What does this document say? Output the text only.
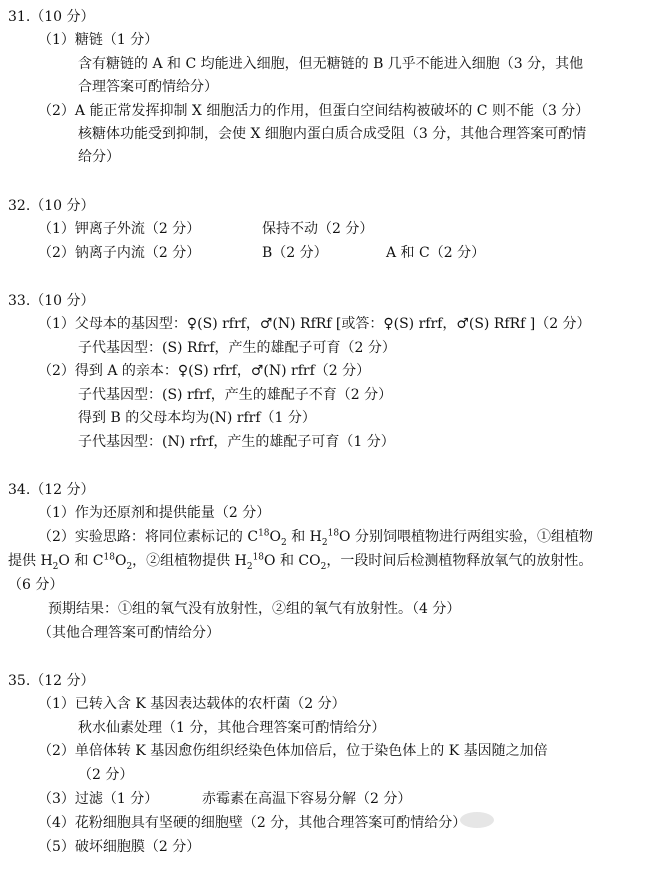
31.（10 分）
（1）糖链（1 分）
含有糖链的 A 和 C 均能进入细胞，但无糖链的 B 几乎不能进入细胞（3 分，其他
合理答案可酌情给分）
（2）A 能正常发挥抑制 X 细胞活力的作用，但蛋白空间结构被破坏的 C 则不能（3 分）
核糖体功能受到抑制，会使 X 细胞内蛋白质合成受阻（3 分，其他合理答案可酌情
给分）
32.（10 分）
（1）钾离子外流（2 分）	保持不动（2 分）
（2）钠离子内流（2 分）	B（2 分）	A 和 C（2 分）
33.（10 分）
（1）父母本的基因型：♀(S) rfrf，♂(N) RfRf [或答：♀(S) rfrf，♂(S) RfRf ]（2 分）
子代基因型：(S) Rfrf，产生的雄配子可育（2 分）
（2）得到 A 的亲本：♀(S) rfrf，♂(N) rfrf（2 分）
子代基因型：(S) rfrf，产生的雄配子不育（2 分）
得到 B 的父母本均为(N) rfrf（1 分）
子代基因型：(N) rfrf，产生的雄配子可育（1 分）
34.（12 分）
（1）作为还原剂和提供能量（2 分）
（2）实验思路：将同位素标记的 $C^{18}O_2$ 和 $H_2^{18}O$ 分别饲喂植物进行两组实验，①组植物
提供 $H_2O$ 和 $C^{18}O_2$，②组植物提供 $H_2^{18}O$ 和 $CO_2$，一段时间后检测植物释放氧气的放射性。
（6 分）
预期结果：①组的氧气没有放射性，②组的氧气有放射性。（4 分）
（其他合理答案可酌情给分）
35.（12 分）
（1）已转入含 K 基因表达载体的农杆菌（2 分）
秋水仙素处理（1 分，其他合理答案可酌情给分）
（2）单倍体转 K 基因愈伤组织经染色体加倍后，位于染色体上的 K 基因随之加倍
（2 分）
（3）过滤（1 分）	赤霉素在高温下容易分解（2 分）
（4）花粉细胞具有坚硬的细胞壁（2 分，其他合理答案可酌情给分）
（5）破坏细胞膜（2 分）
